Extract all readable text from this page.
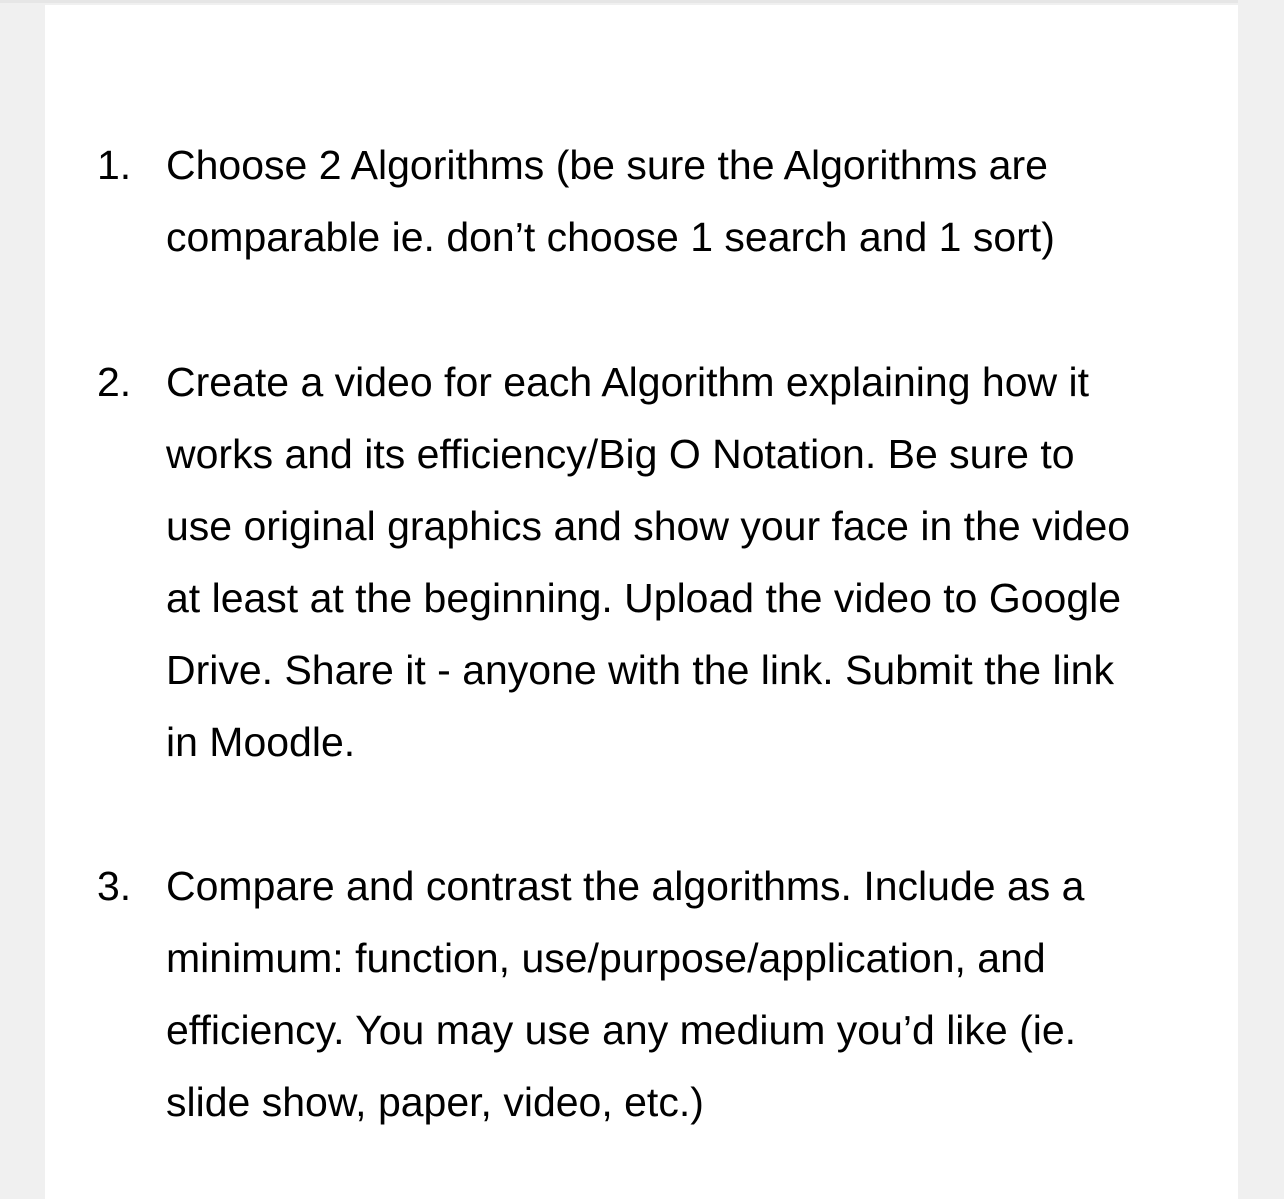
1. Choose 2 Algorithms (be sure the Algorithms are
comparable ie. don’t choose 1 search and 1 sort)
2. Create a video for each Algorithm explaining how it
works and its efficiency/Big O Notation. Be sure to
use original graphics and show your face in the video
at least at the beginning. Upload the video to Google
Drive. Share it - anyone with the link. Submit the link
in Moodle.
3. Compare and contrast the algorithms. Include as a
minimum: function, use/purpose/application, and
efficiency. You may use any medium you’d like (ie.
slide show, paper, video, etc.)
